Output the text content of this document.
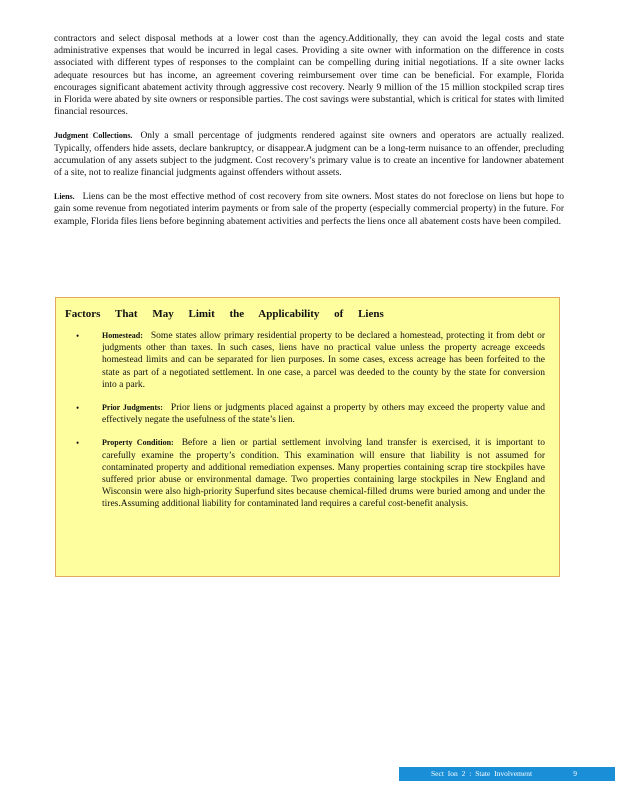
contractors and select disposal methods at a lower cost than the agency.Additionally, they can avoid the legal costs and state administrative expenses that would be incurred in legal cases. Providing a site owner with information on the difference in costs associated with different types of responses to the complaint can be compelling during initial negotiations. If a site owner lacks adequate resources but has income, an agreement covering reimbursement over time can be beneficial. For example, Florida encourages significant abatement activity through aggressive cost recovery. Nearly 9 million of the 15 million stockpiled scrap tires in Florida were abated by site owners or responsible parties. The cost savings were substantial, which is critical for states with limited financial resources.

Judgment Collections. Only a small percentage of judgments rendered against site owners and operators are actually realized. Typically, offenders hide assets, declare bankruptcy, or disappear.A judgment can be a long-term nuisance to an offender, precluding accumulation of any assets subject to the judgment. Cost recovery’s primary value is to create an incentive for landowner abatement of a site, not to realize financial judgments against offenders without assets.

Liens. Liens can be the most effective method of cost recovery from site owners. Most states do not foreclose on liens but hope to gain some revenue from negotiated interim payments or from sale of the property (especially commercial property) in the future. For example, Florida files liens before beginning abatement activities and perfects the liens once all abatement costs have been compiled.

Factors That May Limit the Applicability of Liens
•	Homestead: Some states allow primary residential property to be declared a homestead, protecting it from debt or judgments other than taxes. In such cases, liens have no practical value unless the property acreage exceeds homestead limits and can be separated for lien purposes. In some cases, excess acreage has been forfeited to the state as part of a negotiated settlement. In one case, a parcel was deeded to the county by the state for conversion into a park.
•	Prior Judgments: Prior liens or judgments placed against a property by others may exceed the property value and effectively negate the usefulness of the state’s lien.
•	Property Condition: Before a lien or partial settlement involving land transfer is exercised, it is important to carefully examine the property’s condition. This examination will ensure that liability is not assumed for contaminated property and additional remediation expenses. Many properties containing scrap tire stockpiles have suffered prior abuse or environmental damage. Two properties containing large stockpiles in New England and Wisconsin were also high-priority Superfund sites because chemical-filled drums were buried among and under the tires.Assuming additional liability for contaminated land requires a careful cost-benefit analysis.
Sect Ion 2 : State Involvement	9
